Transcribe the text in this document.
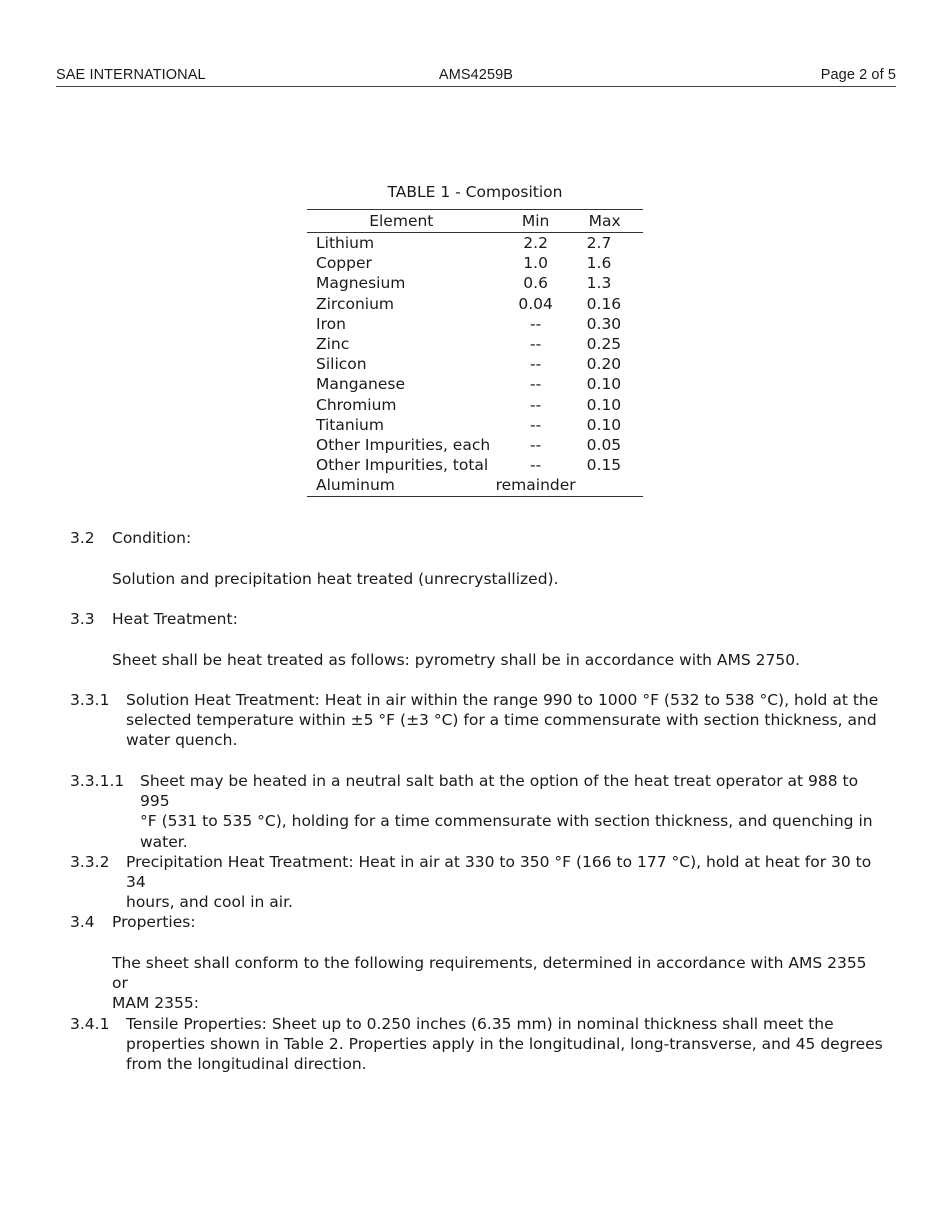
SAE INTERNATIONAL	AMS4259B	Page 2 of 5
TABLE 1 - Composition
Element	Min	Max
Lithium	2.2	2.7
Copper	1.0	1.6
Magnesium	0.6	1.3
Zirconium	0.04	0.16
Iron	--	0.30
Zinc	--	0.25
Silicon	--	0.20
Manganese	--	0.10
Chromium	--	0.10
Titanium	--	0.10
Other Impurities, each	--	0.05
Other Impurities, total	--	0.15
Aluminum	remainder	
3.2 Condition:
Solution and precipitation heat treated (unrecrystallized).
3.3 Heat Treatment:
Sheet shall be heat treated as follows: pyrometry shall be in accordance with AMS 2750.
3.3.1 Solution Heat Treatment: Heat in air within the range 990 to 1000 °F (532 to 538 °C), hold at the
selected temperature within ±5 °F (±3 °C) for a time commensurate with section thickness, and
water quench.
3.3.1.1 Sheet may be heated in a neutral salt bath at the option of the heat treat operator at 988 to 995
°F (531 to 535 °C), holding for a time commensurate with section thickness, and quenching in
water.
3.3.2 Precipitation Heat Treatment: Heat in air at 330 to 350 °F (166 to 177 °C), hold at heat for 30 to 34
hours, and cool in air.
3.4 Properties:
The sheet shall conform to the following requirements, determined in accordance with AMS 2355 or
MAM 2355:
3.4.1 Tensile Properties: Sheet up to 0.250 inches (6.35 mm) in nominal thickness shall meet the
properties shown in Table 2. Properties apply in the longitudinal, long-transverse, and 45 degrees
from the longitudinal direction.
